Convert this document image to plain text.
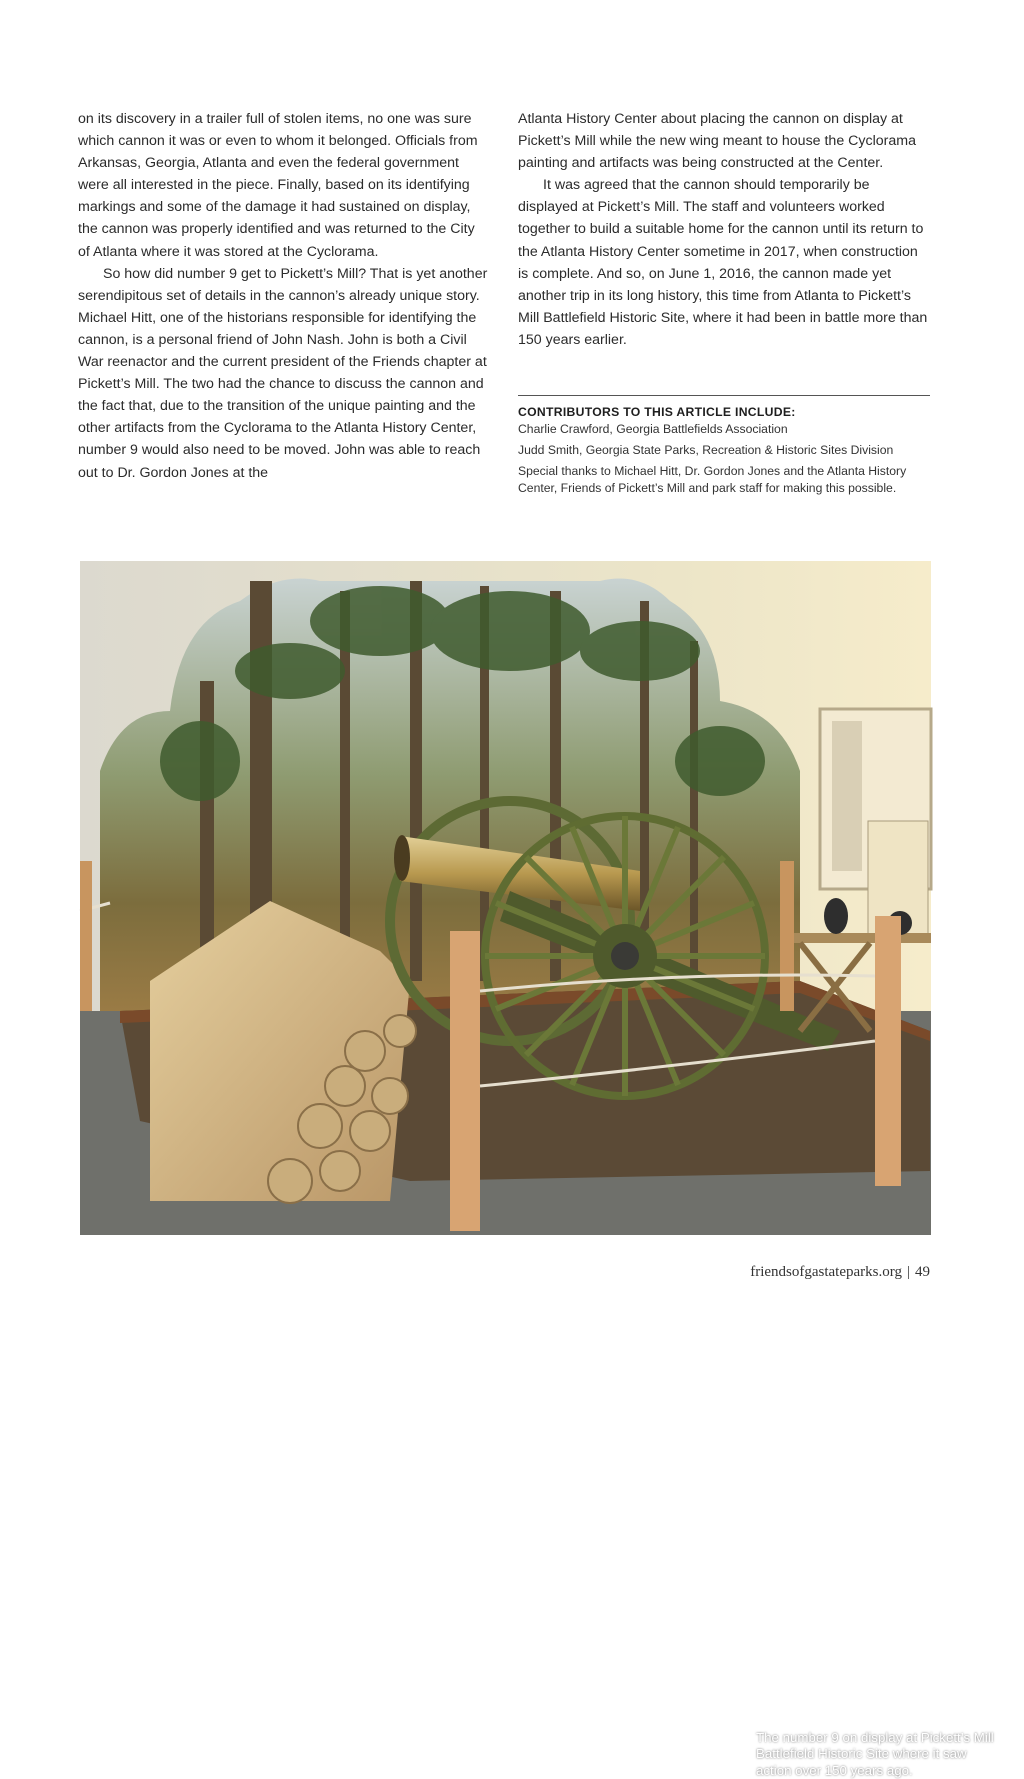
on its discovery in a trailer full of stolen items, no one was sure which cannon it was or even to whom it belonged. Officials from Arkansas, Georgia, Atlanta and even the federal government were all interested in the piece. Finally, based on its identifying markings and some of the damage it had sustained on display, the cannon was properly identified and was returned to the City of Atlanta where it was stored at the Cyclorama.

So how did number 9 get to Pickett’s Mill? That is yet another serendipitous set of details in the cannon’s already unique story. Michael Hitt, one of the historians responsible for identifying the cannon, is a personal friend of John Nash. John is both a Civil War reenactor and the current president of the Friends chapter at Pickett’s Mill. The two had the chance to discuss the cannon and the fact that, due to the transition of the unique painting and the other artifacts from the Cyclorama to the Atlanta History Center, number 9 would also need to be moved. John was able to reach out to Dr. Gordon Jones at the

Atlanta History Center about placing the cannon on display at Pickett’s Mill while the new wing meant to house the Cyclorama painting and artifacts was being constructed at the Center.

It was agreed that the cannon should temporarily be displayed at Pickett’s Mill. The staff and volunteers worked together to build a suitable home for the cannon until its return to the Atlanta History Center sometime in 2017, when construction is complete. And so, on June 1, 2016, the cannon made yet another trip in its long history, this time from Atlanta to Pickett’s Mill Battlefield Historic Site, where it had been in battle more than 150 years earlier.

CONTRIBUTORS TO THIS ARTICLE INCLUDE:
Charlie Crawford, Georgia Battlefields Association
Judd Smith, Georgia State Parks, Recreation & Historic Sites Division
Special thanks to Michael Hitt, Dr. Gordon Jones and the Atlanta History Center, Friends of Pickett’s Mill and park staff for making this possible.
The number 9 on display at Pickett’s Mill Battlefield Historic Site where it saw action over 150 years ago.
friendsofgastateparks.org | 49
